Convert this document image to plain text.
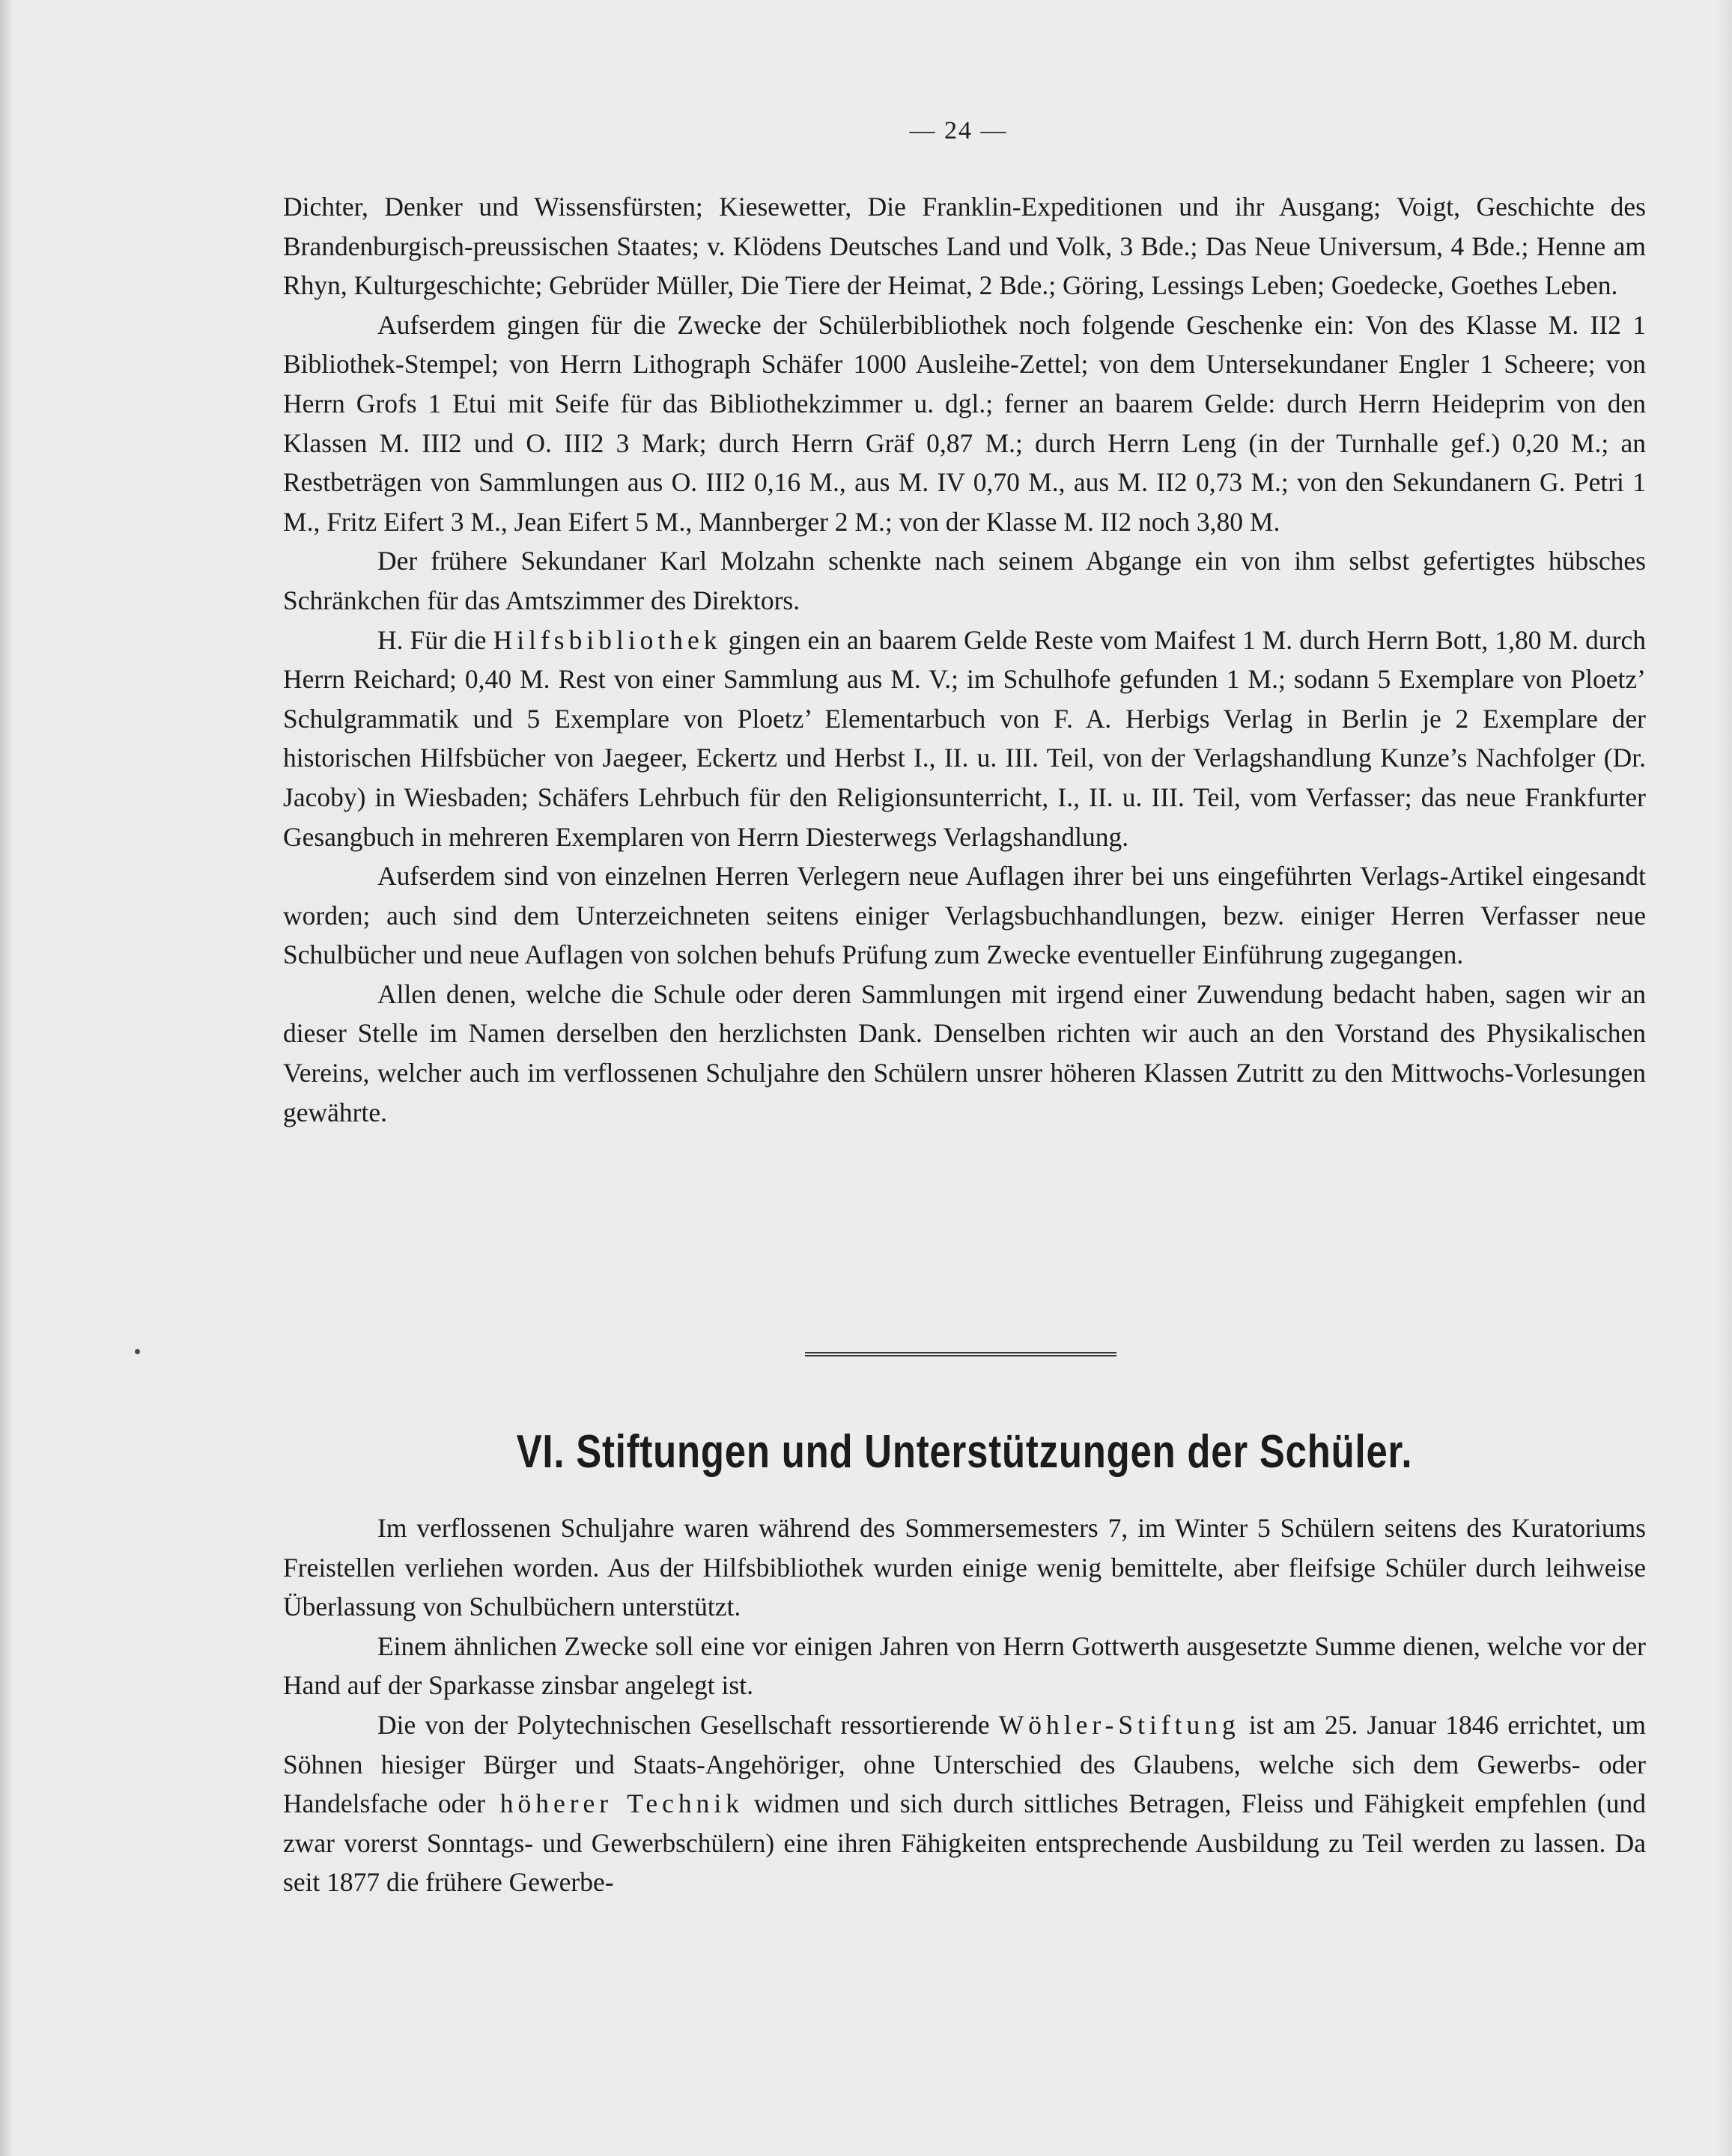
— 24 —

Dichter, Denker und Wissensfürsten; Kiesewetter, Die Franklin-Expeditionen und ihr Ausgang; Voigt, Geschichte des Brandenburgisch-preussischen Staates; v. Klödens Deutsches Land und Volk, 3 Bde.; Das Neue Universum, 4 Bde.; Henne am Rhyn, Kulturgeschichte; Gebrüder Müller, Die Tiere der Heimat, 2 Bde.; Göring, Lessings Leben; Goedecke, Goethes Leben.

Aufserdem gingen für die Zwecke der Schülerbibliothek noch folgende Geschenke ein: Von des Klasse M. II2 1 Bibliothek-Stempel; von Herrn Lithograph Schäfer 1000 Ausleihe-Zettel; von dem Untersekundaner Engler 1 Scheere; von Herrn Grofs 1 Etui mit Seife für das Bibliothekzimmer u. dgl.; ferner an baarem Gelde: durch Herrn Heideprim von den Klassen M. III2 und O. III2 3 Mark; durch Herrn Gräf 0,87 M.; durch Herrn Leng (in der Turnhalle gef.) 0,20 M.; an Restbeträgen von Sammlungen aus O. III2 0,16 M., aus M. IV 0,70 M., aus M. II2 0,73 M.; von den Sekundanern G. Petri 1 M., Fritz Eifert 3 M., Jean Eifert 5 M., Mannberger 2 M.; von der Klasse M. II2 noch 3,80 M.

Der frühere Sekundaner Karl Molzahn schenkte nach seinem Abgange ein von ihm selbst gefertigtes hübsches Schränkchen für das Amtszimmer des Direktors.

H. Für die Hilfsbibliothek gingen ein an baarem Gelde Reste vom Maifest 1 M. durch Herrn Bott, 1,80 M. durch Herrn Reichard; 0,40 M. Rest von einer Sammlung aus M. V.; im Schulhofe gefunden 1 M.; sodann 5 Exemplare von Ploetz’ Schulgrammatik und 5 Exemplare von Ploetz’ Elementarbuch von F. A. Herbigs Verlag in Berlin je 2 Exemplare der historischen Hilfsbücher von Jaegeer, Eckertz und Herbst I., II. u. III. Teil, von der Verlagshandlung Kunze’s Nachfolger (Dr. Jacoby) in Wiesbaden; Schäfers Lehrbuch für den Religionsunterricht, I., II. u. III. Teil, vom Verfasser; das neue Frankfurter Gesangbuch in mehreren Exemplaren von Herrn Diesterwegs Verlagshandlung.

Aufserdem sind von einzelnen Herren Verlegern neue Auflagen ihrer bei uns eingeführten Verlags-Artikel eingesandt worden; auch sind dem Unterzeichneten seitens einiger Verlagsbuchhandlungen, bezw. einiger Herren Verfasser neue Schulbücher und neue Auflagen von solchen behufs Prüfung zum Zwecke eventueller Einführung zugegangen.

Allen denen, welche die Schule oder deren Sammlungen mit irgend einer Zuwendung bedacht haben, sagen wir an dieser Stelle im Namen derselben den herzlichsten Dank. Denselben richten wir auch an den Vorstand des Physikalischen Vereins, welcher auch im verflossenen Schuljahre den Schülern unsrer höheren Klassen Zutritt zu den Mittwochs-Vorlesungen gewährte.

VI. Stiftungen und Unterstützungen der Schüler.

Im verflossenen Schuljahre waren während des Sommersemesters 7, im Winter 5 Schülern seitens des Kuratoriums Freistellen verliehen worden. Aus der Hilfsbibliothek wurden einige wenig bemittelte, aber fleifsige Schüler durch leihweise Überlassung von Schulbüchern unterstützt.

Einem ähnlichen Zwecke soll eine vor einigen Jahren von Herrn Gottwerth ausgesetzte Summe dienen, welche vor der Hand auf der Sparkasse zinsbar angelegt ist.

Die von der Polytechnischen Gesellschaft ressortierende Wöhler-Stiftung ist am 25. Januar 1846 errichtet, um Söhnen hiesiger Bürger und Staats-Angehöriger, ohne Unterschied des Glaubens, welche sich dem Gewerbs- oder Handelsfache oder höherer Technik widmen und sich durch sittliches Betragen, Fleiss und Fähigkeit empfehlen (und zwar vorerst Sonntags- und Gewerbschülern) eine ihren Fähigkeiten entsprechende Ausbildung zu Teil werden zu lassen. Da seit 1877 die frühere Gewerbe-
